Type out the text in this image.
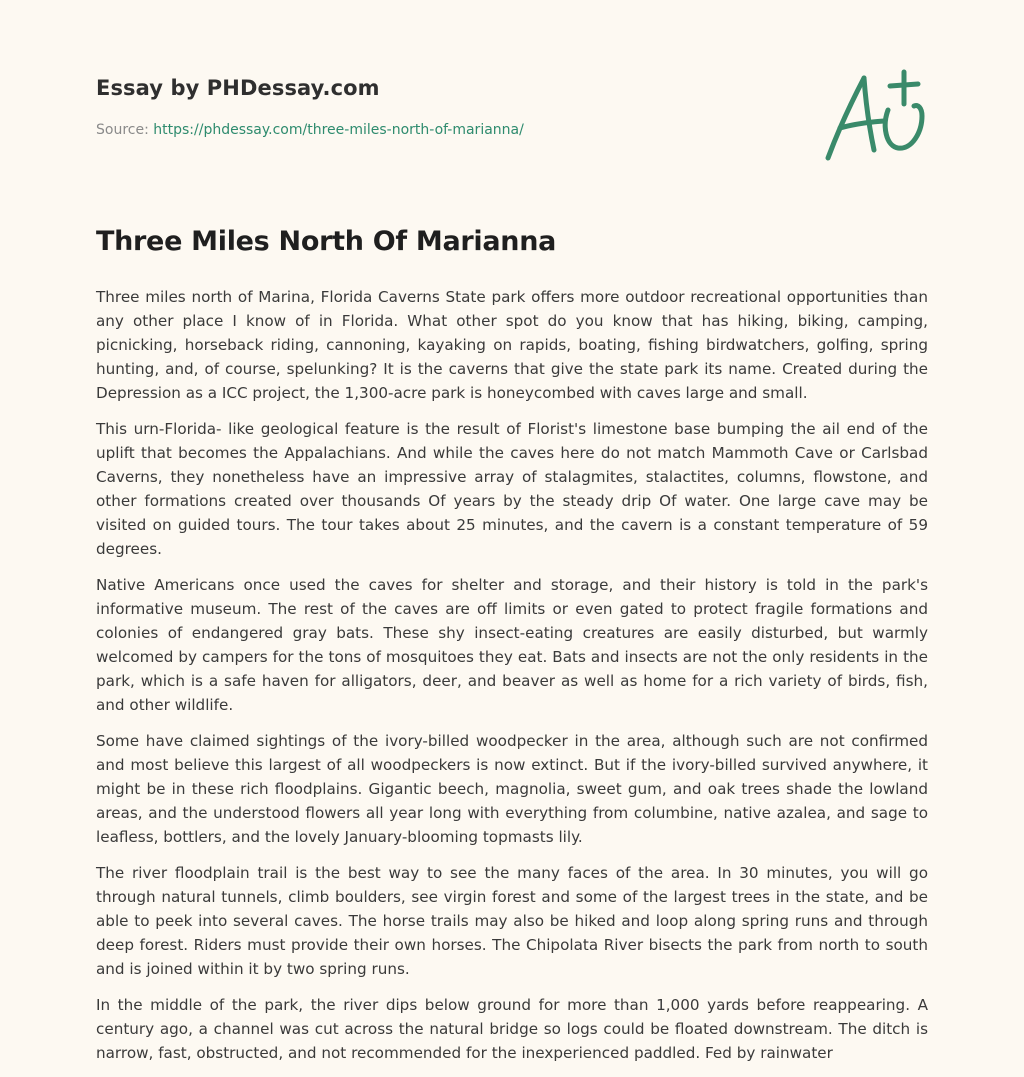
Essay by PHDessay.com
Source: https://phdessay.com/three-miles-north-of-marianna/
Three Miles North Of Marianna

Three miles north of Marina, Florida Caverns State park offers more outdoor recreational opportunities than any other place I know of in Florida. What other spot do you know that has hiking, biking, camping, picnicking, horseback riding, cannoning, kayaking on rapids, boating, fishing birdwatchers, golfing, spring hunting, and, of course, spelunking? It is the caverns that give the state park its name. Created during the Depression as a ICC project, the 1,300-acre park is honeycombed with caves large and small.

This urn-Florida- like geological feature is the result of Florist's limestone base bumping the ail end of the uplift that becomes the Appalachians. And while the caves here do not match Mammoth Cave or Carlsbad Caverns, they nonetheless have an impressive array of stalagmites, stalactites, columns, flowstone, and other formations created over thousands Of years by the steady drip Of water. One large cave may be visited on guided tours. The tour takes about 25 minutes, and the cavern is a constant temperature of 59 degrees.

Native Americans once used the caves for shelter and storage, and their history is told in the park's informative museum. The rest of the caves are off limits or even gated to protect fragile formations and colonies of endangered gray bats. These shy insect-eating creatures are easily disturbed, but warmly welcomed by campers for the tons of mosquitoes they eat. Bats and insects are not the only residents in the park, which is a safe haven for alligators, deer, and beaver as well as home for a rich variety of birds, fish, and other wildlife.

Some have claimed sightings of the ivory-billed woodpecker in the area, although such are not confirmed and most believe this largest of all woodpeckers is now extinct. But if the ivory-billed survived anywhere, it might be in these rich floodplains. Gigantic beech, magnolia, sweet gum, and oak trees shade the lowland areas, and the understood flowers all year long with everything from columbine, native azalea, and sage to leafless, bottlers, and the lovely January-blooming topmasts lily.

The river floodplain trail is the best way to see the many faces of the area. In 30 minutes, you will go through natural tunnels, climb boulders, see virgin forest and some of the largest trees in the state, and be able to peek into several caves. The horse trails may also be hiked and loop along spring runs and through deep forest. Riders must provide their own horses. The Chipolata River bisects the park from north to south and is joined within it by two spring runs.

In the middle of the park, the river dips below ground for more than 1,000 yards before reappearing. A century ago, a channel was cut across the natural bridge so logs could be floated downstream. The ditch is narrow, fast, obstructed, and not recommended for the inexperienced paddled. Fed by rainwater
